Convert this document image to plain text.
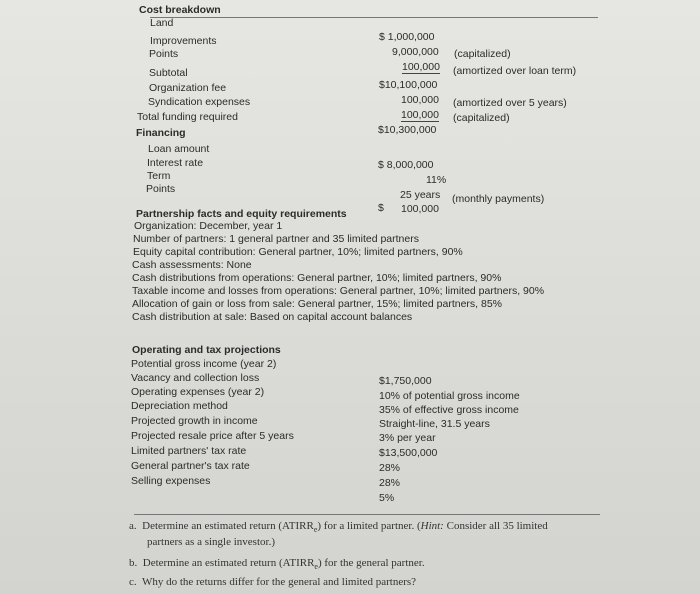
Cost breakdown
Land
$ 1,000,000
Improvements
9,000,000 (capitalized)
Points
100,000 (amortized over loan term)
Subtotal
$10,100,000
Organization fee
100,000 (amortized over 5 years)
Syndication expenses
100,000 (capitalized)
Total funding required
$10,300,000
Financing
Loan amount
$ 8,000,000
Interest rate
11%
Term
25 years (monthly payments)
Points
$ 100,000
Partnership facts and equity requirements
Organization: December, year 1
Number of partners: 1 general partner and 35 limited partners
Equity capital contribution: General partner, 10%; limited partners, 90%
Cash assessments: None
Cash distributions from operations: General partner, 10%; limited partners, 90%
Taxable income and losses from operations: General partner, 10%; limited partners, 90%
Allocation of gain or loss from sale: General partner, 15%; limited partners, 85%
Cash distribution at sale: Based on capital account balances
Operating and tax projections
Potential gross income (year 2)
$1,750,000
Vacancy and collection loss
10% of potential gross income
Operating expenses (year 2)
35% of effective gross income
Depreciation method
Straight-line, 31.5 years
Projected growth in income
3% per year
Projected resale price after 5 years
$13,500,000
Limited partners' tax rate
28%
General partner's tax rate
28%
Selling expenses
5%
a. Determine an estimated return $(ATIRR_e)$ for a limited partner. (Hint: Consider all 35 limited
partners as a single investor.)
b. Determine an estimated return $(ATIRR_e)$ for the general partner.
c. Why do the returns differ for the general and limited partners?
